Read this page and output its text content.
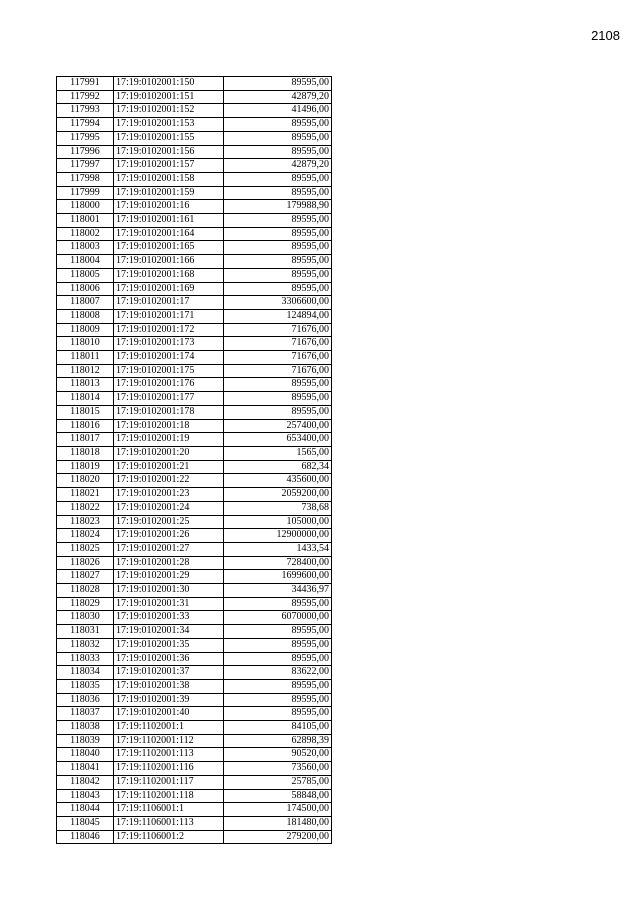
2108
117991	17:19:0102001:150	89595,00
117992	17:19:0102001:151	42879,20
117993	17:19:0102001:152	41496,00
117994	17:19:0102001:153	89595,00
117995	17:19:0102001:155	89595,00
117996	17:19:0102001:156	89595,00
117997	17:19:0102001:157	42879,20
117998	17:19:0102001:158	89595,00
117999	17:19:0102001:159	89595,00
118000	17:19:0102001:16	179988,90
118001	17:19:0102001:161	89595,00
118002	17:19:0102001:164	89595,00
118003	17:19:0102001:165	89595,00
118004	17:19:0102001:166	89595,00
118005	17:19:0102001:168	89595,00
118006	17:19:0102001:169	89595,00
118007	17:19:0102001:17	3306600,00
118008	17:19:0102001:171	124894,00
118009	17:19:0102001:172	71676,00
118010	17:19:0102001:173	71676,00
118011	17:19:0102001:174	71676,00
118012	17:19:0102001:175	71676,00
118013	17:19:0102001:176	89595,00
118014	17:19:0102001:177	89595,00
118015	17:19:0102001:178	89595,00
118016	17:19:0102001:18	257400,00
118017	17:19:0102001:19	653400,00
118018	17:19:0102001:20	1565,00
118019	17:19:0102001:21	682,34
118020	17:19:0102001:22	435600,00
118021	17:19:0102001:23	2059200,00
118022	17:19:0102001:24	738,68
118023	17:19:0102001:25	105000,00
118024	17:19:0102001:26	12900000,00
118025	17:19:0102001:27	1433,54
118026	17:19:0102001:28	728400,00
118027	17:19:0102001:29	1699600,00
118028	17:19:0102001:30	34436,97
118029	17:19:0102001:31	89595,00
118030	17:19:0102001:33	6070000,00
118031	17:19:0102001:34	89595,00
118032	17:19:0102001:35	89595,00
118033	17:19:0102001:36	89595,00
118034	17:19:0102001:37	83622,00
118035	17:19:0102001:38	89595,00
118036	17:19:0102001:39	89595,00
118037	17:19:0102001:40	89595,00
118038	17:19:1102001:1	84105,00
118039	17:19:1102001:112	62898,39
118040	17:19:1102001:113	90520,00
118041	17:19:1102001:116	73560,00
118042	17:19:1102001:117	25785,00
118043	17:19:1102001:118	58848,00
118044	17:19:1106001:1	174500,00
118045	17:19:1106001:113	181480,00
118046	17:19:1106001:2	279200,00
